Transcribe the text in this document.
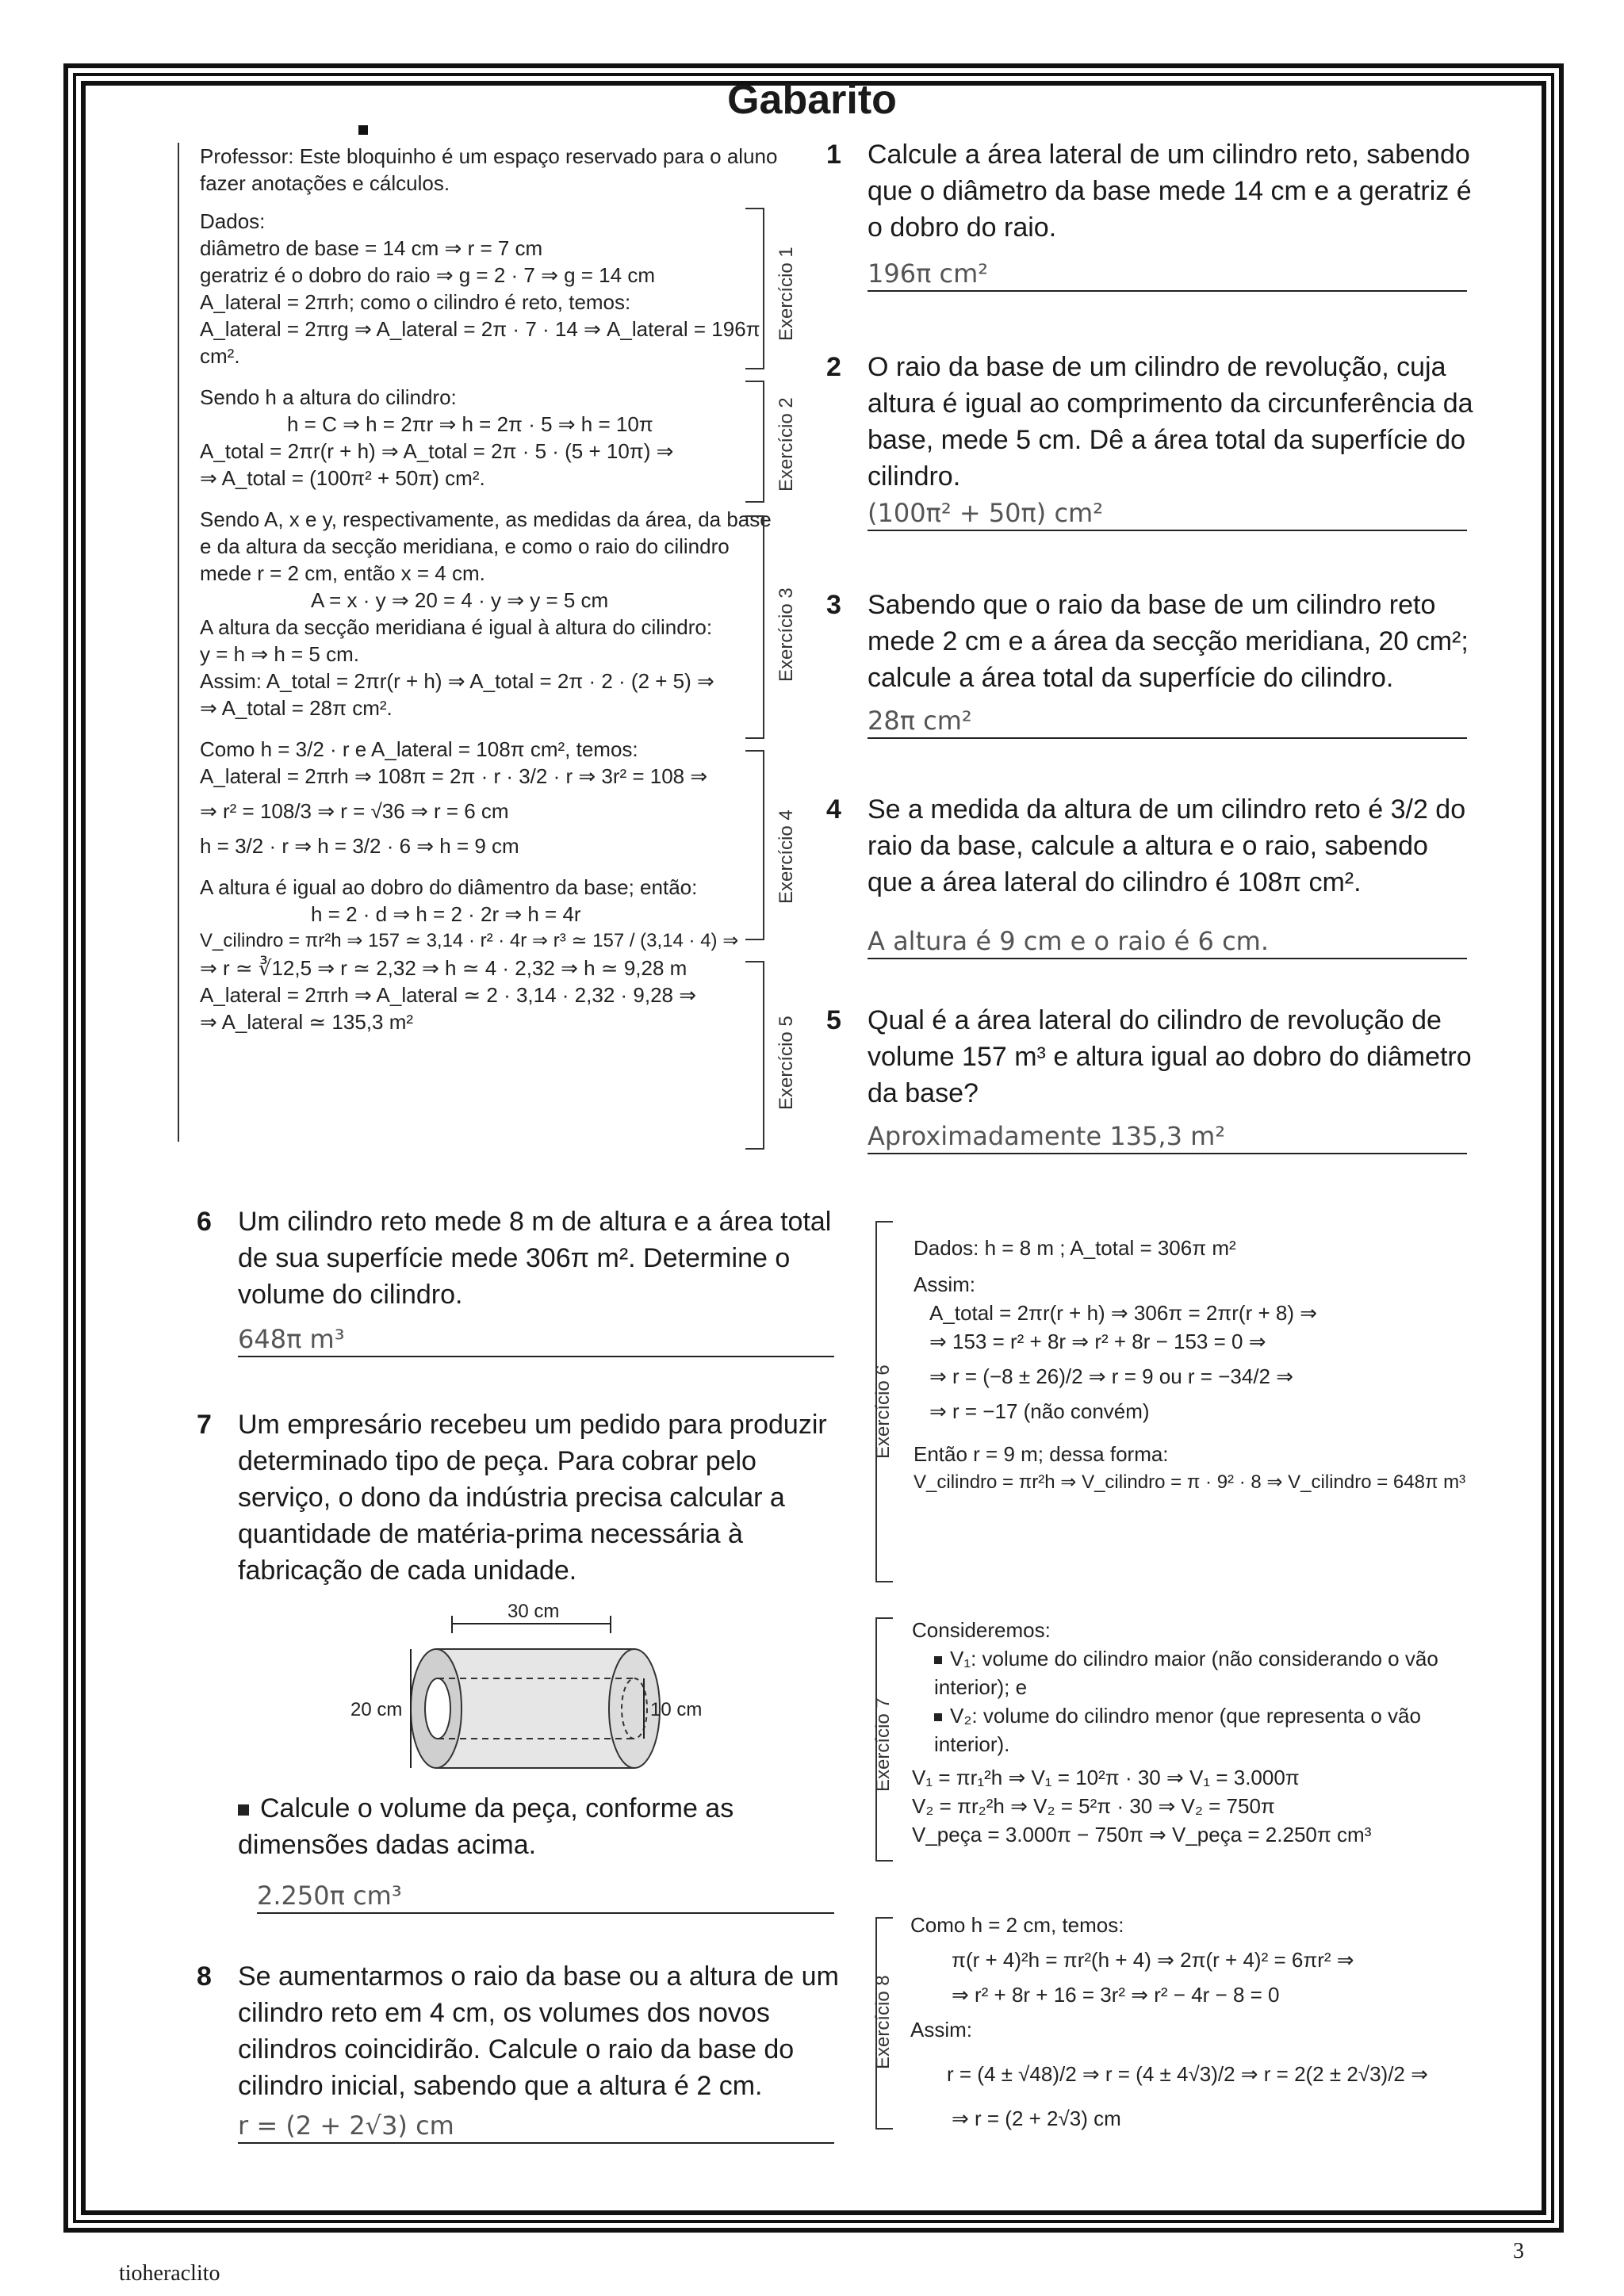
Gabarito
Professor: Este bloquinho é um espaço reservado para o aluno fazer anotações e cálculos.
Dados:
diâmetro de base = 14 cm ⇒ r = 7 cm
geratriz é o dobro do raio ⇒ g = 2 · 7 ⇒ g = 14 cm
A_lateral = 2πrh; como o cilindro é reto, temos:
A_lateral = 2πrg ⇒ A_lateral = 2π · 7 · 14 ⇒ A_lateral = 196π cm².
Sendo h a altura do cilindro:
h = C ⇒ h = 2πr ⇒ h = 2π · 5 ⇒ h = 10π
A_total = 2πr(r + h) ⇒ A_total = 2π · 5 · (5 + 10π) ⇒
⇒ A_total = (100π² + 50π) cm².
Sendo A, x e y, respectivamente, as medidas da área, da base
e da altura da secção meridiana, e como o raio do cilindro
mede r = 2 cm, então x = 4 cm.
A = x · y ⇒ 20 = 4 · y ⇒ y = 5 cm
A altura da secção meridiana é igual à altura do cilindro:
y = h ⇒ h = 5 cm.
Assim: A_total = 2πr(r + h) ⇒ A_total = 2π · 2 · (2 + 5) ⇒
⇒ A_total = 28π cm².
Como h = 3/2 · r e A_lateral = 108π cm², temos:
A_lateral = 2πrh ⇒ 108π = 2π · r · 3/2 · r ⇒ 3r² = 108 ⇒
⇒ r² = 108/3 ⇒ r = √36 ⇒ r = 6 cm
h = 3/2 · r ⇒ h = 3/2 · 6 ⇒ h = 9 cm
A altura é igual ao dobro do diâmentro da base; então:
h = 2 · d ⇒ h = 2 · 2r ⇒ h = 4r
V_cilindro = πr²h ⇒ 157 ≃ 3,14 · r² · 4r ⇒ r³ ≃ 157 / (3,14 · 4) ⇒
⇒ r ≃ ∛12,5 ⇒ r ≃ 2,32 ⇒ h ≃ 4 · 2,32 ⇒ h ≃ 9,28 m
A_lateral = 2πrh ⇒ A_lateral ≃ 2 · 3,14 · 2,32 · 9,28 ⇒
⇒ A_lateral ≃ 135,3 m²
Exercício 1
Exercício 2
Exercício 3
Exercício 4
Exercício 5
1 Calcule a área lateral de um cilindro reto, sabendo que o diâmetro da base mede 14 cm e a geratriz é o dobro do raio.
196π cm²
2 O raio da base de um cilindro de revolução, cuja altura é igual ao comprimento da circunferência da base, mede 5 cm. Dê a área total da superfície do cilindro.
(100π² + 50π) cm²
3 Sabendo que o raio da base de um cilindro reto mede 2 cm e a área da secção meridiana, 20 cm²; calcule a área total da superfície do cilindro.
28π cm²
4 Se a medida da altura de um cilindro reto é 3/2 do raio da base, calcule a altura e o raio, sabendo que a área lateral do cilindro é 108π cm².
A altura é 9 cm e o raio é 6 cm.
5 Qual é a área lateral do cilindro de revolução de volume 157 m³ e altura igual ao dobro do diâmetro da base?
Aproximadamente 135,3 m²
6 Um cilindro reto mede 8 m de altura e a área total de sua superfície mede 306π m². Determine o volume do cilindro.
648π m³
7 Um empresário recebeu um pedido para produzir determinado tipo de peça. Para cobrar pelo serviço, o dono da indústria precisa calcular a quantidade de matéria-prima necessária à fabricação de cada unidade.
30 cm
20 cm	10 cm
Calcule o volume da peça, conforme as dimensões dadas acima.
2.250π cm³
8 Se aumentarmos o raio da base ou a altura de um cilindro reto em 4 cm, os volumes dos novos cilindros coincidirão. Calcule o raio da base do cilindro inicial, sabendo que a altura é 2 cm.
r = (2 + 2√3) cm
Exercício 6
Dados: h = 8 m ; A_total = 306π m²
Assim:
A_total = 2πr(r + h) ⇒ 306π = 2πr(r + 8) ⇒
⇒ 153 = r² + 8r ⇒ r² + 8r − 153 = 0 ⇒
⇒ r = (−8 ± 26)/2 ⇒ r = 9 ou r = −34/2 ⇒
⇒ r = −17 (não convém)
Então r = 9 m; dessa forma:
V_cilindro = πr²h ⇒ V_cilindro = π · 9² · 8 ⇒ V_cilindro = 648π m³
Exercício 7
Consideremos:
V₁: volume do cilindro maior (não considerando o vão interior); e
V₂: volume do cilindro menor (que representa o vão interior).
V₁ = πr₁²h ⇒ V₁ = 10²π · 30 ⇒ V₁ = 3.000π
V₂ = πr₂²h ⇒ V₂ = 5²π · 30 ⇒ V₂ = 750π
V_peça = 3.000π − 750π ⇒ V_peça = 2.250π cm³
Exercício 8
Como h = 2 cm, temos:
π(r + 4)²h = πr²(h + 4) ⇒ 2π(r + 4)² = 6πr² ⇒
⇒ r² + 8r + 16 = 3r² ⇒ r² − 4r − 8 = 0
Assim:
r = (4 ± √48)/2 ⇒ r = (4 ± 4√3)/2 ⇒ r = 2(2 ± 2√3)/2 ⇒
⇒ r = (2 + 2√3) cm
tioheraclito
3
